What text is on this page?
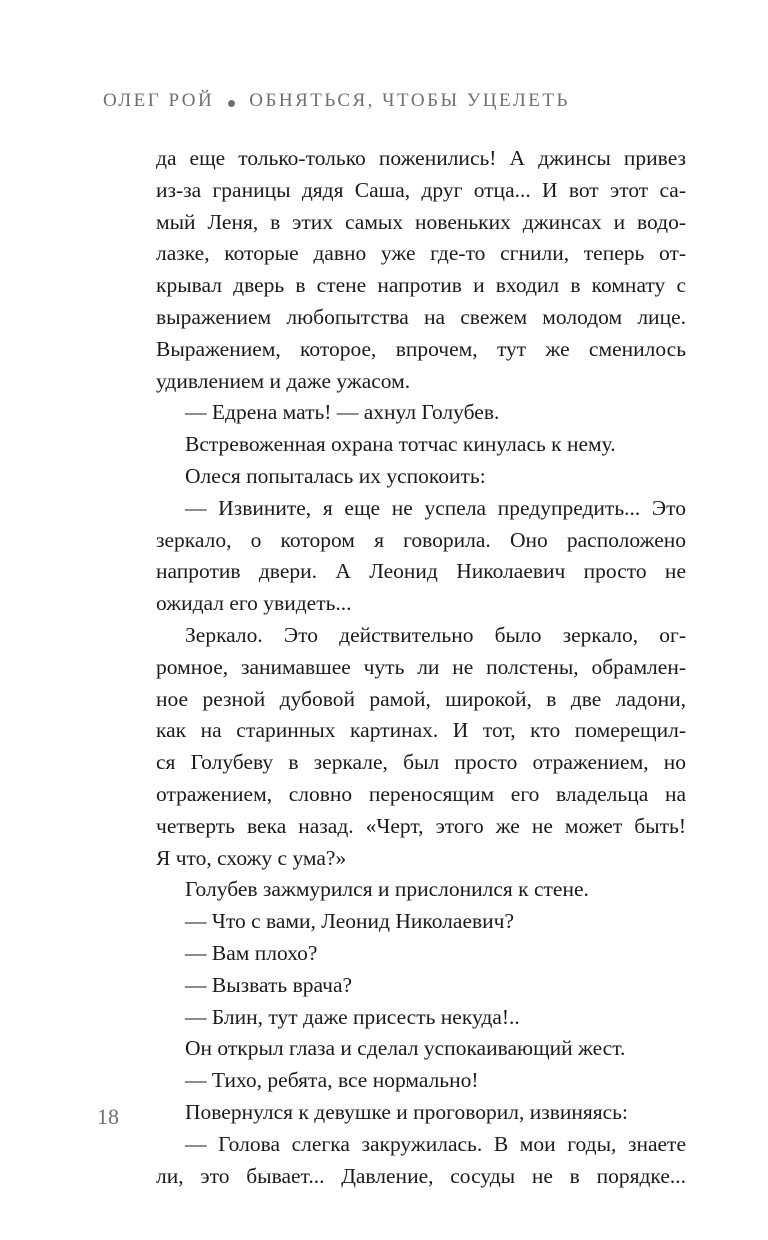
ОЛЕГ РОЙ ОБНЯТЬСЯ, ЧТОБЫ УЦЕЛЕТЬ
да еще только-только поженились! А джинсы привез
из-за границы дядя Саша, друг отца... И вот этот са-
мый Леня, в этих самых новеньких джинсах и водо-
лазке, которые давно уже где-то сгнили, теперь от-
крывал дверь в стене напротив и входил в комнату с
выражением любопытства на свежем молодом лице.
Выражением, которое, впрочем, тут же сменилось
удивлением и даже ужасом.
— Едрена мать! — ахнул Голубев.
Встревоженная охрана тотчас кинулась к нему.
Олеся попыталась их успокоить:
— Извините, я еще не успела предупредить... Это
зеркало, о котором я говорила. Оно расположено
напротив двери. А Леонид Николаевич просто не
ожидал его увидеть...
Зеркало. Это действительно было зеркало, ог-
ромное, занимавшее чуть ли не полстены, обрамлен-
ное резной дубовой рамой, широкой, в две ладони,
как на старинных картинах. И тот, кто померещил-
ся Голубеву в зеркале, был просто отражением, но
отражением, словно переносящим его владельца на
четверть века назад. «Черт, этого же не может быть!
Я что, схожу с ума?»
Голубев зажмурился и прислонился к стене.
— Что с вами, Леонид Николаевич?
— Вам плохо?
— Вызвать врача?
— Блин, тут даже присесть некуда!..
Он открыл глаза и сделал успокаивающий жест.
— Тихо, ребята, все нормально!
Повернулся к девушке и проговорил, извиняясь:
— Голова слегка закружилась. В мои годы, знаете
ли, это бывает... Давление, сосуды не в порядке...
18
